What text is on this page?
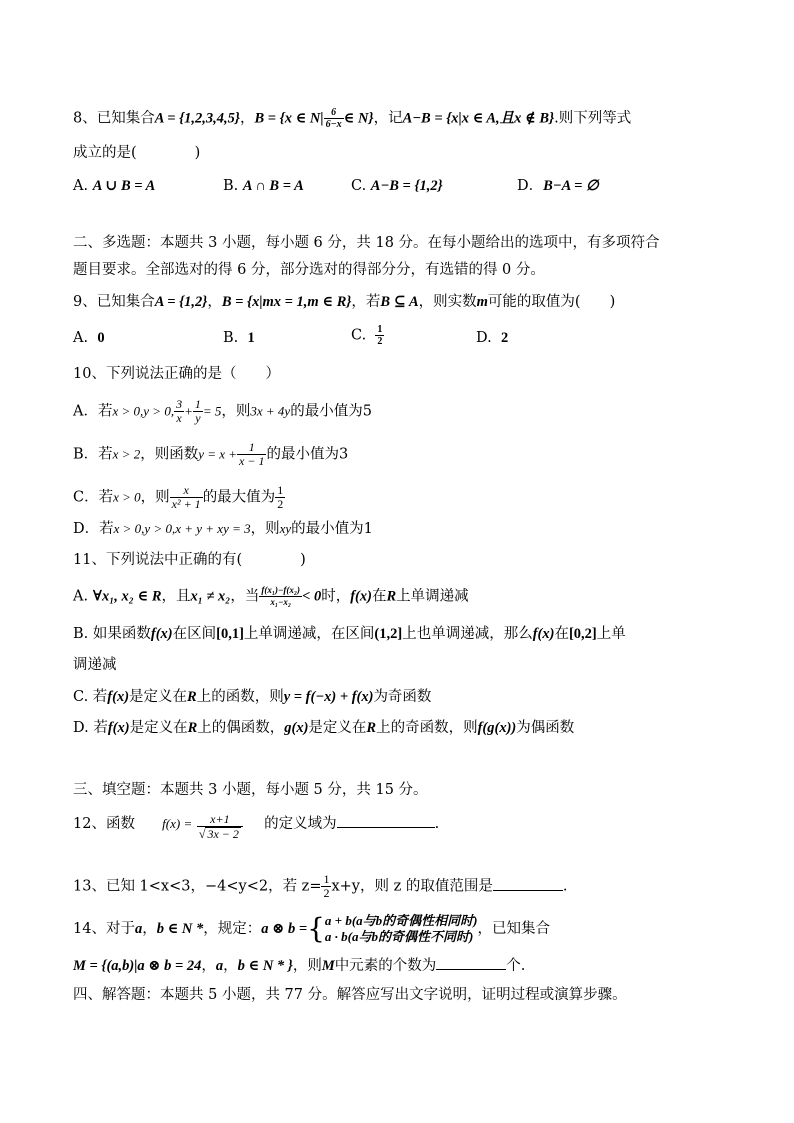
8、已知集合A = {1,2,3,4,5}，B = {x ∈ $N| \frac{6}{6-x}$ ∈ N}，记A−B = {x|x ∈ A,且x ∉ B}.则下列等式
成立的是(　　　　)
A. A ∪ B = A	B. A ∩ B = A	C. A−B = {1,2}	D．B−A = ∅
二、多选题：本题共 3 小题，每小题 6 分，共 18 分。在每小题给出的选项中，有多项符合
题目要求。全部选对的得 6 分，部分选对的得部分分，有选错的得 0 分。
9、已知集合A = {1,2}，B = {x|mx = 1,m ∈ R}，若B ⊆ A，则实数m可能的取值为(　　)
A. 0	B. 1	C. $\frac{1}{2}$	D. 2
10、下列说法正确的是（　　）
A．若x > 0,y > 0, $\frac{3}{x} + \frac{1}{y} = 5$，则3x + 4y的最小值为5
B．若x > 2，则函数$y = x + \frac{1}{x - 1}$ 的最小值为3
C．若x > 0，则 $\frac{x}{\text{x² + 1}}$ 的最大值为 $\frac{1}{2}$
D．若x > 0,y > 0,x + y + xy = 3，则xy的最小值为1
11、下列说法中正确的有(　　　　)
A. ∀x₁, x₂ ∈ R，且x₁ ≠ x₂，当 $\frac{\text{f(x₁)−f(x₂)}}{\text{x₁−x₂}} < 0$时，f(x)在R上单调递减
B. 如果函数f(x)在区间[0,1]上单调递减，在区间(1,2]上也单调递减，那么f(x)在[0,2]上单
调递减
C. 若f(x)是定义在R上的函数，则y = f(−x) + f(x)为奇函数
D. 若f(x)是定义在R上的偶函数，g(x)是定义在R上的奇函数，则f(g(x))为偶函数
三、填空题：本题共 3 小题，每小题 5 分，共 15 分。
12、函数 $f(x) = \frac{x+1}{√ 3x - 2}$ 的定义域为	.
13、已知 1<x<3，−4<y<2，若 $z= \frac{1}{2} x+y$，则 z 的取值范围是	.
14、对于a，b ∈ N *，规定：a ⊗ b ={ a + b(a与b的奇偶性相同时)
a · b(a与b的奇偶性不同时) ，已知集合
M = {(a,b)|a ⊗ b = 24，a，b ∈ N * }，则M中元素的个数为	个.
四、解答题：本题共 5 小题，共 77 分。解答应写出文字说明，证明过程或演算步骤。
